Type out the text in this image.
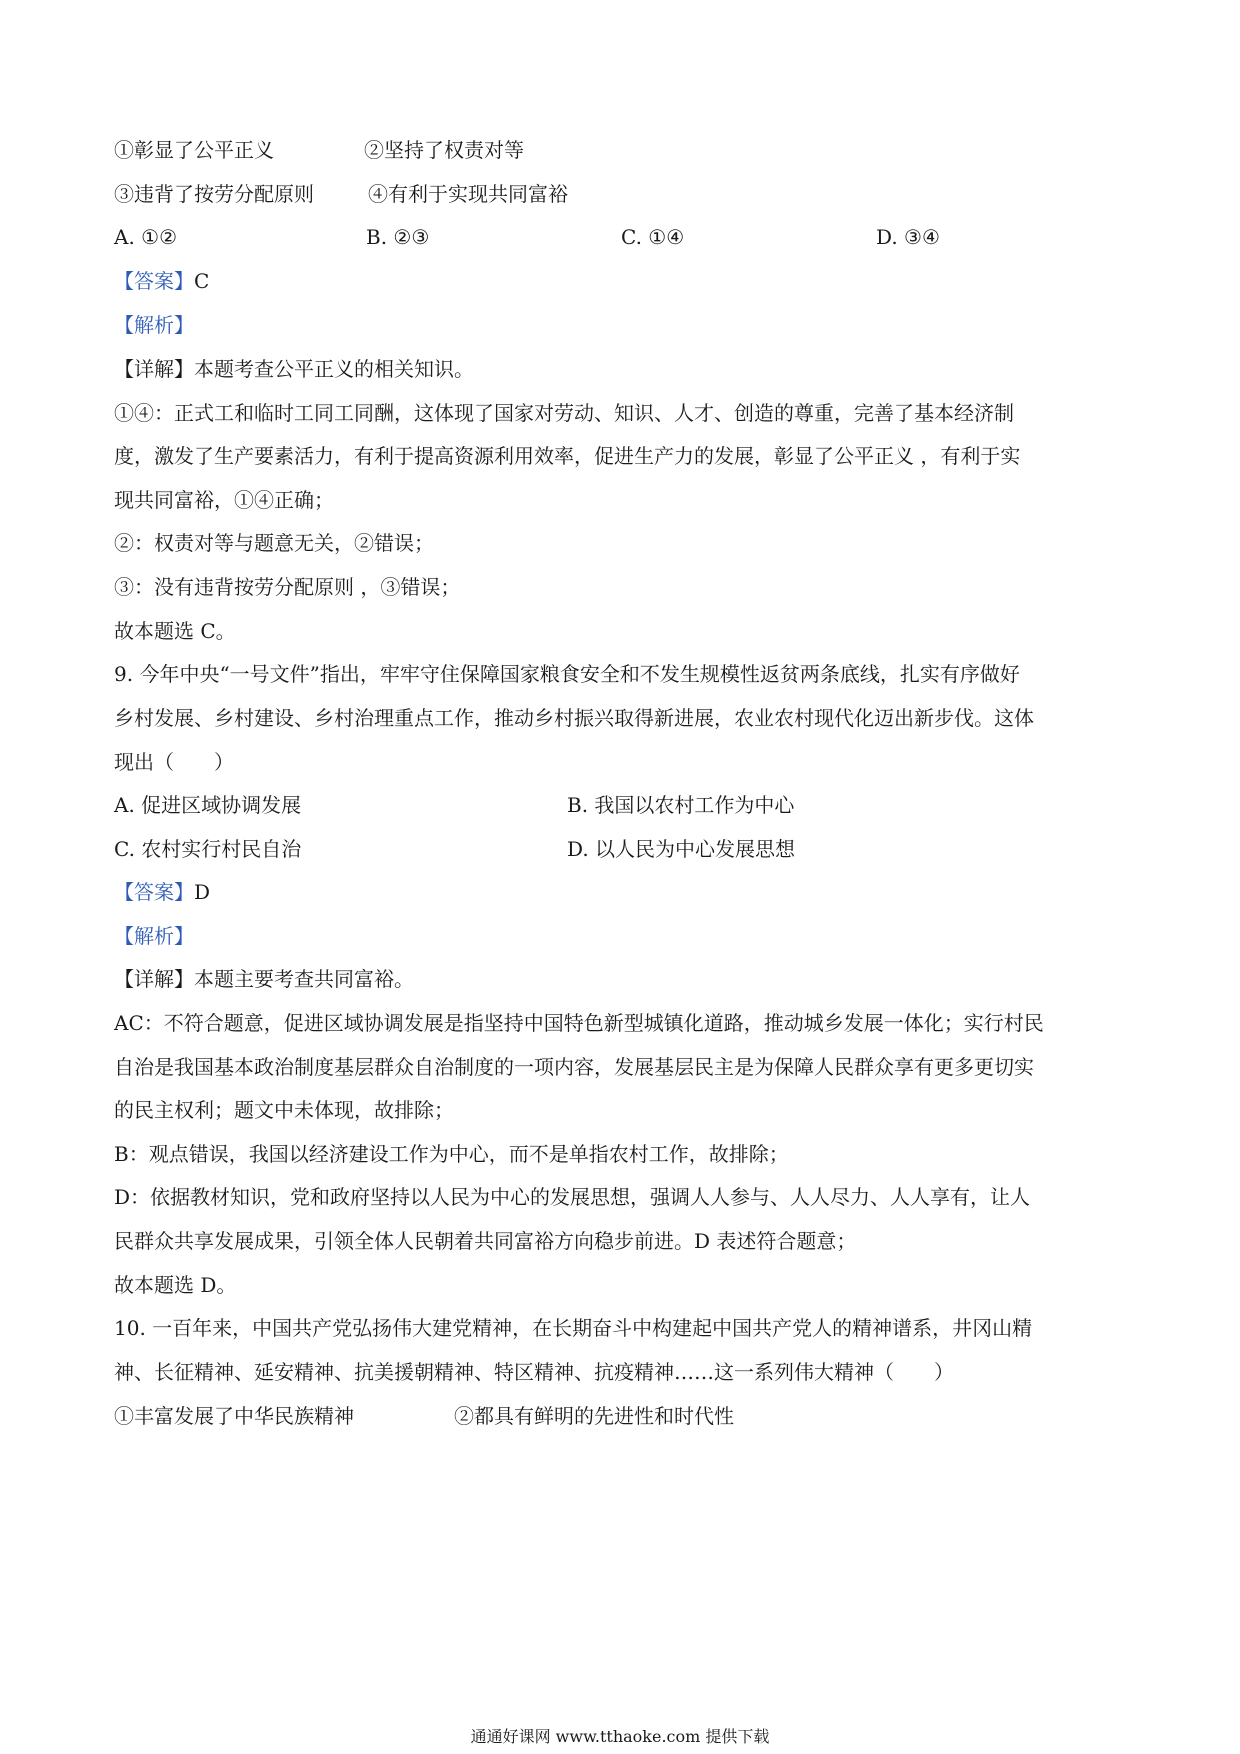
①彰显了公平正义	②坚持了权责对等
③违背了按劳分配原则	④有利于实现共同富裕
A. ①②	B. ②③	C. ①④	D. ③④
【答案】C
【解析】
【详解】本题考查公平正义的相关知识。
①④：正式工和临时工同工同酬，这体现了国家对劳动、知识、人才、创造的尊重，完善了基本经济制
度，激发了生产要素活力，有利于提高资源利用效率，促进生产力的发展，彰显了公平正义 ，有利于实
现共同富裕，①④正确；
②：权责对等与题意无关，②错误；
③：没有违背按劳分配原则 ，③错误；
故本题选 C。
9. 今年中央“一号文件”指出，牢牢守住保障国家粮食安全和不发生规模性返贫两条底线，扎实有序做好
乡村发展、乡村建设、乡村治理重点工作，推动乡村振兴取得新进展，农业农村现代化迈出新步伐。这体
现出（　　）
A. 促进区域协调发展	B. 我国以农村工作为中心
C. 农村实行村民自治	D. 以人民为中心发展思想
【答案】D
【解析】
【详解】本题主要考查共同富裕。
AC：不符合题意，促进区域协调发展是指坚持中国特色新型城镇化道路，推动城乡发展一体化；实行村民
自治是我国基本政治制度基层群众自治制度的一项内容，发展基层民主是为保障人民群众享有更多更切实
的民主权利；题文中未体现，故排除；
B：观点错误，我国以经济建设工作为中心，而不是单指农村工作，故排除；
D：依据教材知识，党和政府坚持以人民为中心的发展思想，强调人人参与、人人尽力、人人享有，让人
民群众共享发展成果，引领全体人民朝着共同富裕方向稳步前进。D 表述符合题意；
故本题选 D。
10. 一百年来，中国共产党弘扬伟大建党精神，在长期奋斗中构建起中国共产党人的精神谱系，井冈山精
神、长征精神、延安精神、抗美援朝精神、特区精神、抗疫精神……这一系列伟大精神（　　）
①丰富发展了中华民族精神	②都具有鲜明的先进性和时代性
通通好课网 www.tthaoke.com 提供下载
